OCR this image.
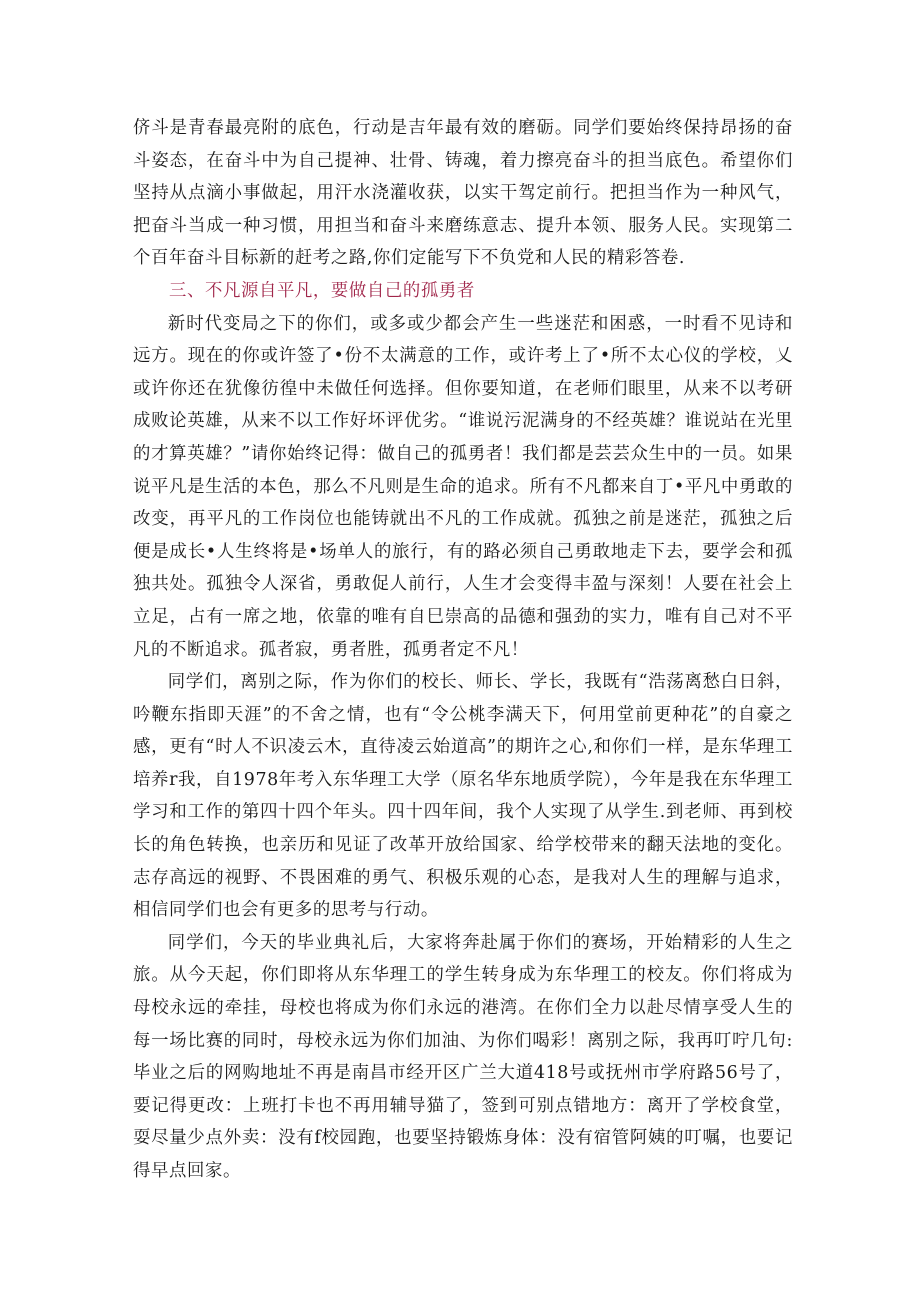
侪斗是青春最亮附的底色，行动是吉年最有效的磨砺。同学们要始终保持昂扬的奋斗姿态，在奋斗中为自己提神、壮骨、铸魂，着力擦亮奋斗的担当底色。希望你们坚持从点滴小事做起，用汗水浇灌收获，以实干驾定前行。把担当作为一种风气，把奋斗当成一种习惯，用担当和奋斗来磨练意志、提升本领、服务人民。实现第二个百年奋斗目标新的赶考之路,你们定能写下不负党和人民的精彩答卷.

三、不凡源自平凡，要做自己的孤勇者

新时代变局之下的你们，或多或少都会产生一些迷茫和困惑，一时看不见诗和远方。现在的你或许签了•份不太满意的工作，或许考上了•所不太心仪的学校，乂或许你还在犹像彷徨中未做任何选择。但你要知道，在老师们眼里，从来不以考研成败论英雄，从来不以工作好坏评优劣。“谁说污泥满身的不经英雄？谁说站在光里的才算英雄？”请你始终记得：做自己的孤勇者！我们都是芸芸众生中的一员。如果说平凡是生活的本色，那么不凡则是生命的追求。所有不凡都来自丁•平凡中勇敢的改变，再平凡的工作岗位也能铸就出不凡的工作成就。孤独之前是迷茫，孤独之后便是成长•人生终将是•场单人的旅行，有的路必须自己勇敢地走下去，要学会和孤独共处。孤独令人深省，勇敢促人前行，人生才会变得丰盈与深刻！人要在社会上立足，占有一席之地，依靠的唯有自巳崇高的品德和强劲的实力，唯有自己对不平凡的不断追求。孤者寂，勇者胜，孤勇者定不凡！

同学们，离别之际，作为你们的校长、师长、学长，我既有“浩荡离愁白日斜，吟鞭东指即天涯”的不舍之情，也有“令公桃李满天下，何用堂前更种花”的自豪之感，更有“时人不识凌云木，直待凌云始道高”的期许之心,和你们一样，是东华理工培养r我，自1978年考入东华理工大学（原名华东地质学院），今年是我在东华理工学习和工作的第四十四个年头。四十四年间，我个人实现了从学生.到老师、再到校长的角色转换，也亲历和见证了改革开放给国家、给学校带来的翻天法地的变化。志存高远的视野、不畏困难的勇气、积极乐观的心态，是我对人生的理解与追求，相信同学们也会有更多的思考与行动。

同学们，今天的毕业典礼后，大家将奔赴属于你们的赛场，开始精彩的人生之旅。从今天起，你们即将从东华理工的学生转身成为东华理工的校友。你们将成为母校永远的牵挂，母校也将成为你们永远的港湾。在你们全力以赴尽情享受人生的每一场比赛的同时，母校永远为你们加油、为你们喝彩！离别之际，我再叮咛几句:毕业之后的网购地址不再是南昌市经开区广兰大道418号或抚州市学府路56号了，要记得更改：上班打卡也不再用辅导猫了，签到可别点错地方：离开了学校食堂，耍尽量少点外卖：没有f校园跑，也要坚持锻炼身体：没有宿管阿姨的叮嘱，也要记得早点回家。
